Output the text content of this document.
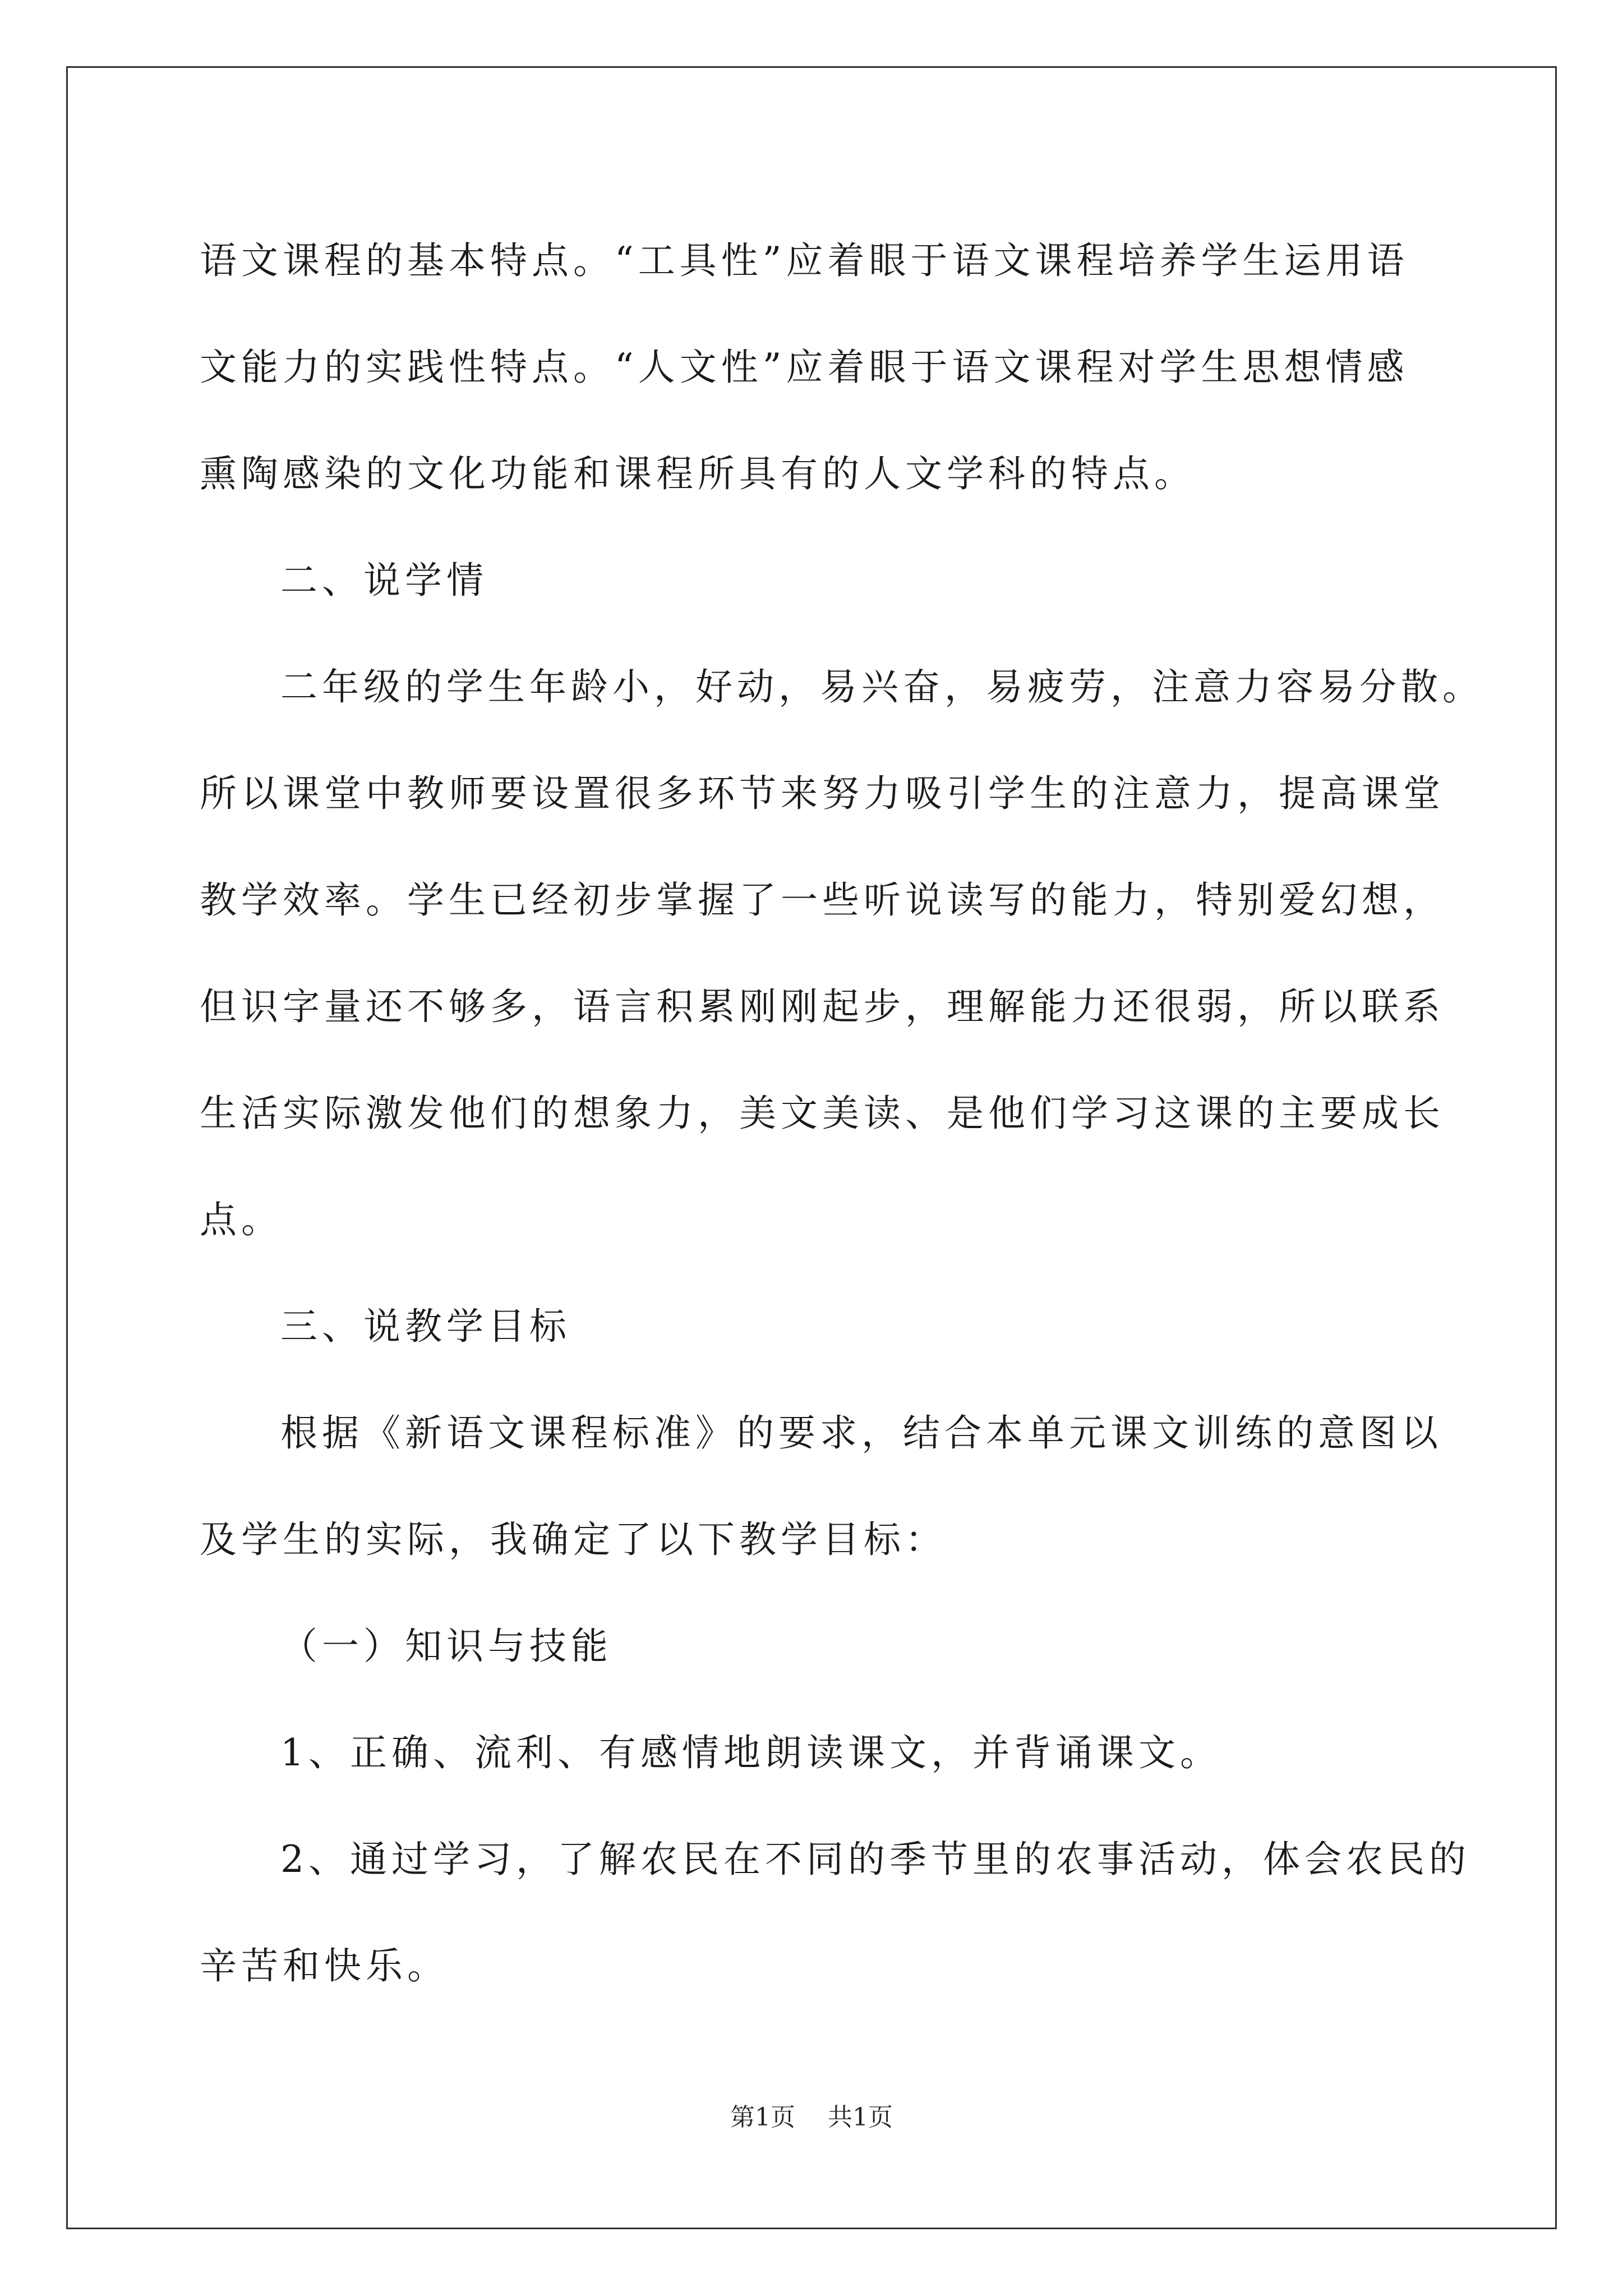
语文课程的基本特点。“工具性”应着眼于语文课程培养学生运用语

文能力的实践性特点。“人文性”应着眼于语文课程对学生思想情感

熏陶感染的文化功能和课程所具有的人文学科的特点。

二、说学情

二年级的学生年龄小，好动，易兴奋，易疲劳，注意力容易分散。

所以课堂中教师要设置很多环节来努力吸引学生的注意力，提高课堂

教学效率。学生已经初步掌握了一些听说读写的能力，特别爱幻想，

但识字量还不够多，语言积累刚刚起步，理解能力还很弱，所以联系

生活实际激发他们的想象力，美文美读、是他们学习这课的主要成长

点。

三、说教学目标

根据《新语文课程标准》的要求，结合本单元课文训练的意图以

及学生的实际，我确定了以下教学目标：

（一）知识与技能

1、正确、流利、有感情地朗读课文，并背诵课文。

2、通过学习，了解农民在不同的季节里的农事活动，体会农民的

辛苦和快乐。

第1页 共1页
